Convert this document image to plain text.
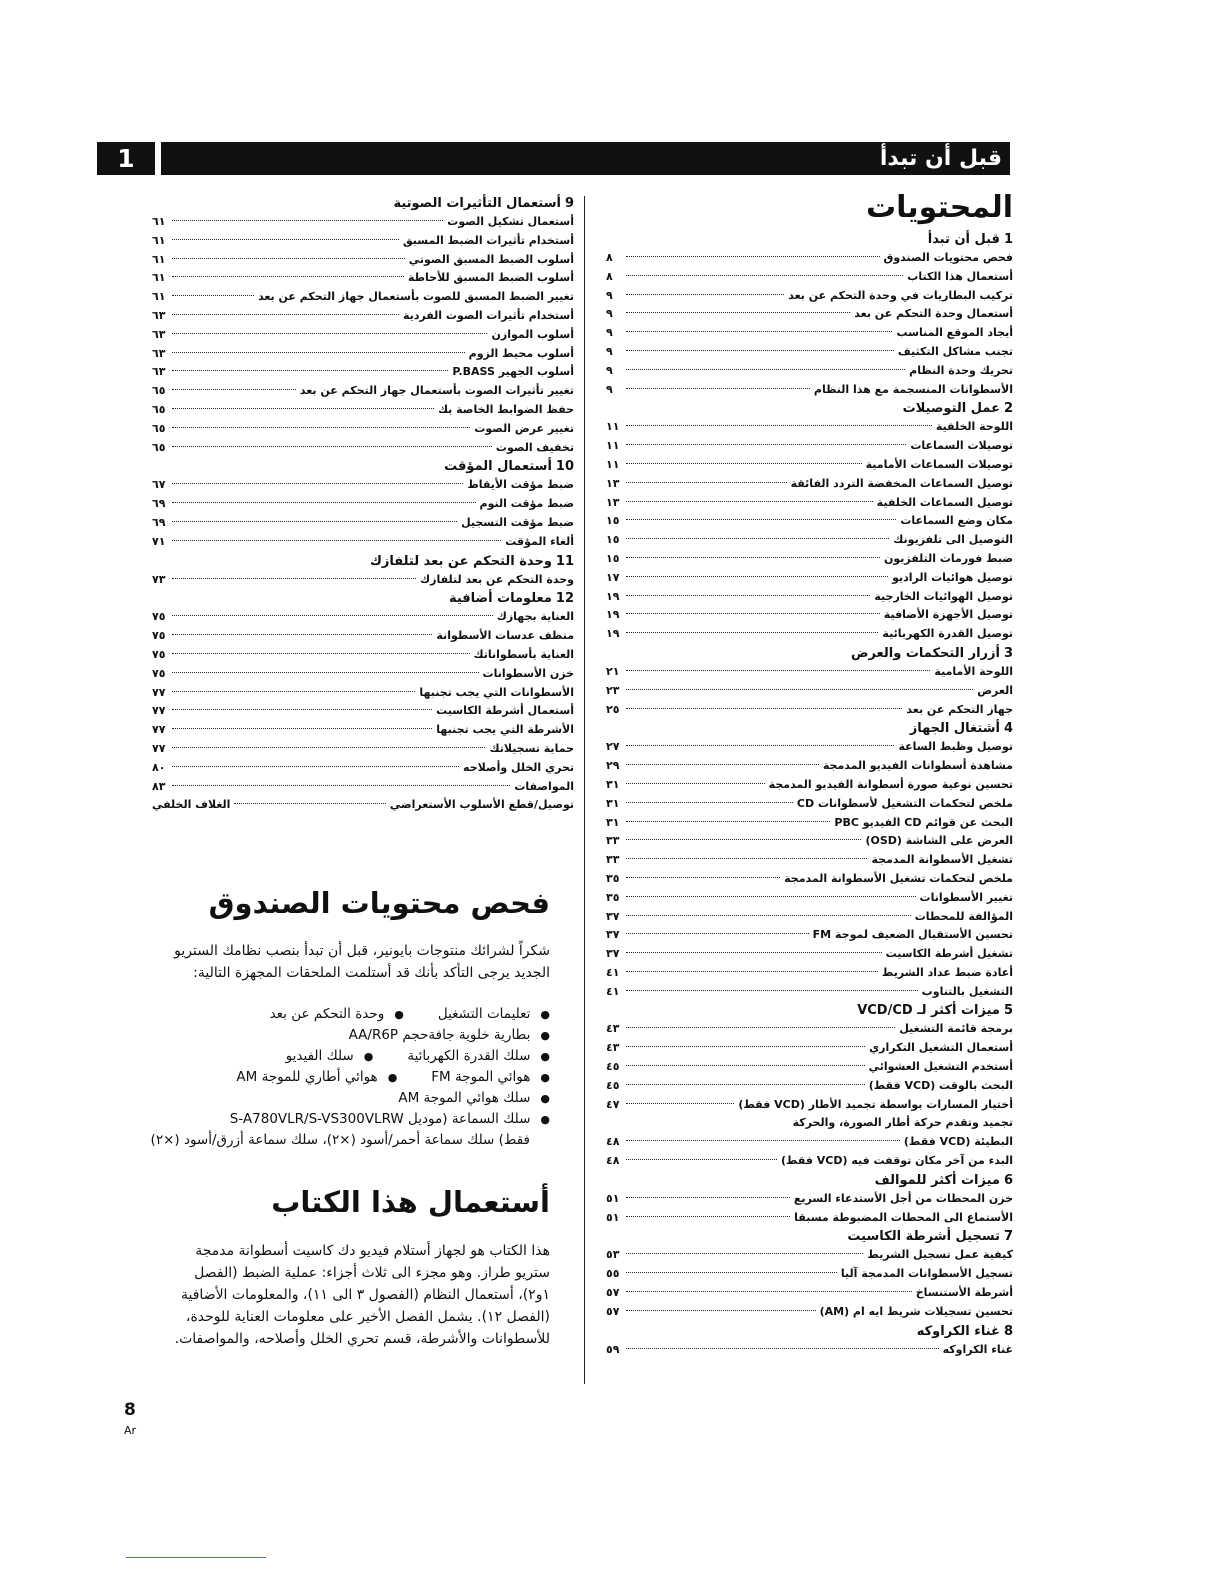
1	قبل أن تبدأ
المحتويات
1قبل أن تبدأ
فحص محتويات الصندوق
٨
أستعمال هذا الكتاب
٨
تركيب البطاريات في وحدة التحكم عن بعد
٩
أستعمال وحدة التحكم عن بعد
٩
أيجاد الموقع المناسب
٩
تجنب مشاكل التكثيف
٩
تحريك وحدة النظام
٩
الأسطوانات المنسجمة مع هذا النظام
٩
2عمل التوصيلات
اللوحة الخلفية
١١
توصيلات السماعات
١١
توصيلات السماعات الأمامية
١١
توصيل السماعات المخفضة التردد الفائقة
١٣
توصيل السماعات الخلفية
١٣
مكان وضع السماعات
١٥
التوصيل الى تلفزيونك
١٥
ضبط فورمات التلفزيون
١٥
توصيل هوائيات الراديو
١٧
توصيل الهوائيات الخارجية
١٩
توصيل الأجهزة الأضافية
١٩
توصيل القدرة الكهربائية
١٩
3أزرار التحكمات والعرض
اللوحة الأمامية
٢١
العرض
٢٣
جهاز التحكم عن بعد
٢٥
4أشتغال الجهاز
توصيل وظبط الساعة
٢٧
مشاهدة أسطوانات الفيديو المدمجة
٢٩
تحسين نوعية صورة أسطوانة الفيديو المدمجة
٣١
ملخص لتحكمات التشغيل لأسطوانات CD
٣١
البحث عن قوائم CD الفيديو PBC
٣١
العرض على الشاشة (OSD)
٣٣
تشغيل الأسطوانة المدمجة
٣٣
ملخص لتحكمات تشغيل الأسطوانة المدمجة
٣٥
تغيير الأسطوانات
٣٥
المؤالفة للمحطات
٣٧
تحسين الأستقبال الضعيف لموجة FM
٣٧
تشغيل أشرطة الكاسيت
٣٧
أعادة ضبط عداد الشريط
٤١
التشغيل بالتناوب
٤١
5ميزات أكثر لـ VCD/CD
برمجة قائمة التشغيل
٤٣
أستعمال التشغيل التكراري
٤٣
أستخدم التشغيل العشوائي
٤٥
البحث بالوقت (VCD فقط)
٤٥
أختيار المسارات بواسطة تجميد الأطار (VCD فقط)
٤٧
تجميد وتقدم حركة أطار الصورة، والحركة
البطيئة (VCD فقط)
٤٨
البدء من آخر مكان توقفت فيه (VCD فقط)
٤٨
6ميزات أكثر للموالف
خزن المحطات من أجل الأستدعاء السريع
٥١
الأستماع الى المحطات المضبوطة مسبقا
٥١
7تسجيل أشرطة الكاسيت
كيفية عمل تسجيل الشريط
٥٣
تسجيل الأسطوانات المدمجة آليا
٥٥
أشرطة الأستنساخ
٥٧
تحسين تسجيلات شريط ايه ام (AM)
٥٧
8غناء الكراوكه
غناء الكراوكه
٥٩
9أستعمال التأثيرات الصوتية
أستعمال تشكيل الصوت
٦١
أستخدام تأثيرات الضبط المسبق
٦١
أسلوب الضبط المسبق الصوتي
٦١
أسلوب الضبط المسبق للأحاطة
٦١
تغيير الضبط المسبق للصوت بأستعمال جهاز التحكم عن بعد
٦١
أستخدام تأثيرات الصوت الفردية
٦٣
أسلوب الموازن
٦٣
أسلوب محيط الزوم
٦٣
أسلوب الجهير P.BASS
٦٣
تغيير تأثيرات الصوت بأستعمال جهاز التحكم عن بعد
٦٥
حفظ الضوابط الخاصة بك
٦٥
تغيير عرض الصوت
٦٥
تخفيف الصوت
٦٥
10أستعمال المؤقت
ضبط مؤقت الأيقاظ
٦٧
ضبط مؤقت النوم
٦٩
ضبط مؤقت التسجيل
٦٩
ألغاء المؤقت
٧١
11وحدة التحكم عن بعد لتلفازك
وحدة التحكم عن بعد لتلفازك
٧٣
12معلومات أضافية
العناية بجهازك
٧٥
منظف عدسات الأسطوانة
٧٥
العناية بأسطواناتك
٧٥
خزن الأسطوانات
٧٥
الأسطوانات التي يجب تجنبها
٧٧
أستعمال أشرطة الكاسيت
٧٧
الأشرطة التي يجب تجنبها
٧٧
حماية تسجيلاتك
٧٧
تحري الخلل وأصلاحه
٨٠
المواصفات
٨٣
توصيل/قطع الأسلوب الأستعراضي
الغلاف الخلفي
فحص محتويات الصندوق

شكراً لشرائك منتوجات بايونير، قبل أن تبدأ بنصب نظامك الستريو الجديد يرجى التأكد بأنك قد أستلمت الملحقات المجهزة التالية:

●تعليمات التشغيل●وحدة التحكم عن بعد
●بطارية خلوية جافةحجم AA/R6P
●سلك القدرة الكهربائية●سلك الفيديو
●هوائي الموجة FM●هوائي أطاري للموجة AM
●سلك هوائي الموجة AM
●سلك السماعة (موديل S-A780VLR/S-VS300VLRW
فقط) سلك سماعة أحمر/أسود (×٢)، سلك سماعة أزرق/أسود (×٢)
أستعمال هذا الكتاب

هذا الكتاب هو لجهاز أستلام فيديو دك كاسيت أسطوانة مدمجة ستريو طراز. وهو مجزء الى ثلاث أجزاء: عملية الضبط (الفصل ١و٢)، أستعمال النظام (الفصول ٣ الى ١١)، والمعلومات الأضافية (الفصل ١٢). يشمل الفصل الأخير على معلومات العناية للوحدة، للأسطوانات والأشرطة، قسم تحري الخلل وأصلاحه، والمواصفات.

8
Ar
